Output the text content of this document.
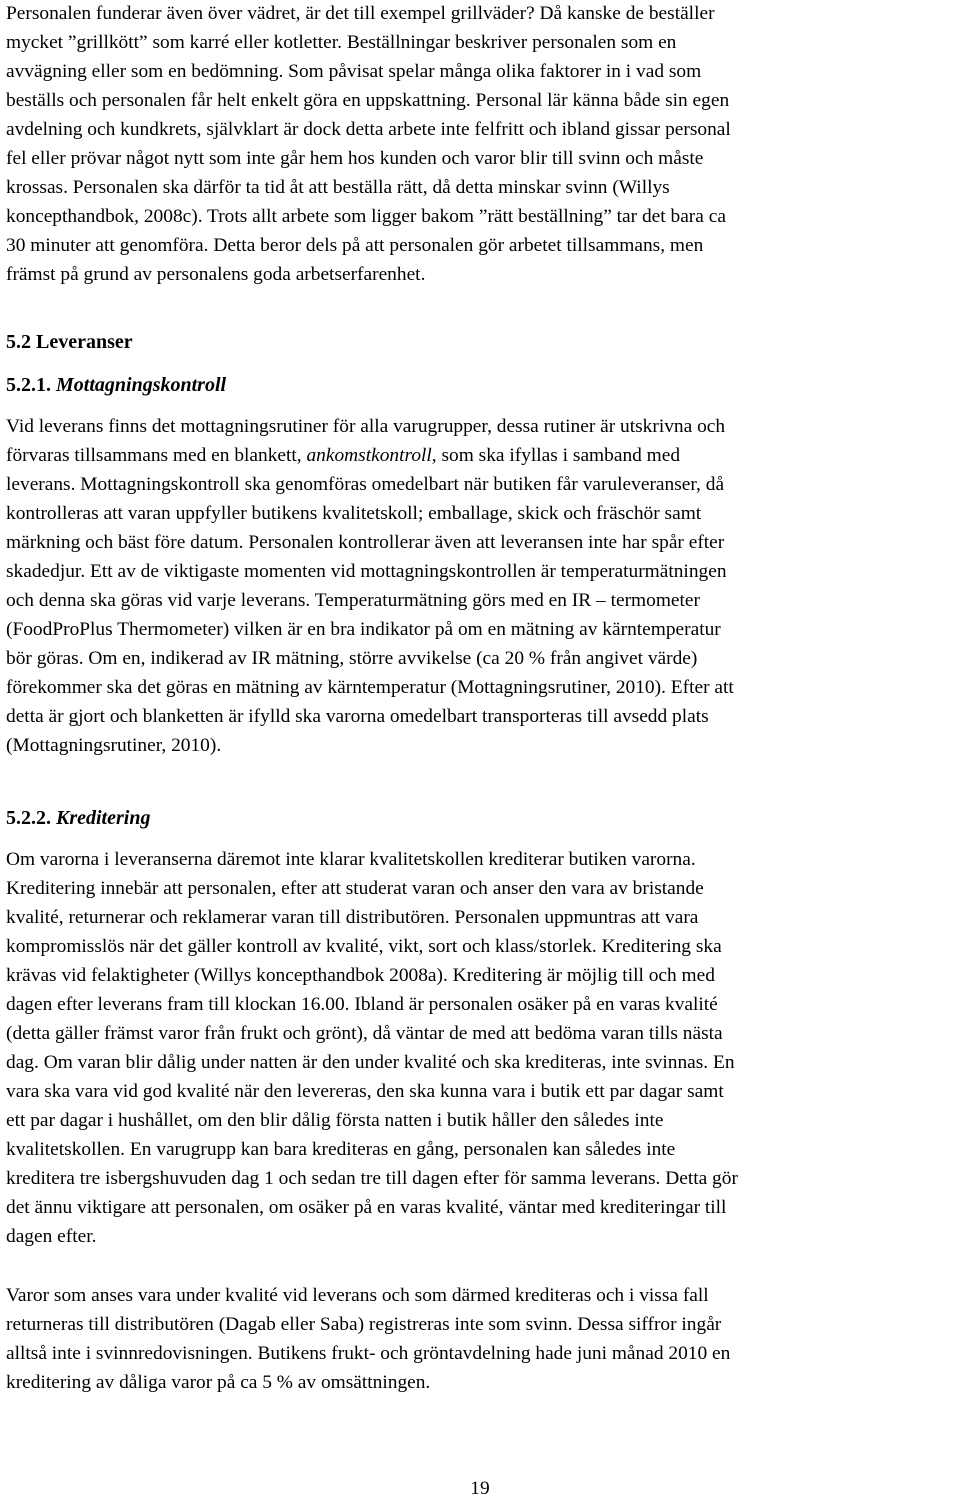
Personalen funderar även över vädret, är det till exempel grillväder? Då kanske de beställer
mycket ”grillkött” som karré eller kotletter. Beställningar beskriver personalen som en
avvägning eller som en bedömning. Som påvisat spelar många olika faktorer in i vad som
beställs och personalen får helt enkelt göra en uppskattning. Personal lär känna både sin egen
avdelning och kundkrets, självklart är dock detta arbete inte felfritt och ibland gissar personal
fel eller prövar något nytt som inte går hem hos kunden och varor blir till svinn och måste
krossas. Personalen ska därför ta tid åt att beställa rätt, då detta minskar svinn (Willys
koncepthandbok, 2008c). Trots allt arbete som ligger bakom ”rätt beställning” tar det bara ca
30 minuter att genomföra. Detta beror dels på att personalen gör arbetet tillsammans, men
främst på grund av personalens goda arbetserfarenhet.

5.2 Leveranser
5.2.1. Mottagningskontroll

Vid leverans finns det mottagningsrutiner för alla varugrupper, dessa rutiner är utskrivna och
förvaras tillsammans med en blankett, ankomstkontroll, som ska ifyllas i samband med
leverans. Mottagningskontroll ska genomföras omedelbart när butiken får varuleveranser, då
kontrolleras att varan uppfyller butikens kvalitetskoll; emballage, skick och fräschör samt
märkning och bäst före datum. Personalen kontrollerar även att leveransen inte har spår efter
skadedjur. Ett av de viktigaste momenten vid mottagningskontrollen är temperaturmätningen
och denna ska göras vid varje leverans. Temperaturmätning görs med en IR – termometer
(FoodProPlus Thermometer) vilken är en bra indikator på om en mätning av kärntemperatur
bör göras. Om en, indikerad av IR mätning, större avvikelse (ca 20 % från angivet värde)
förekommer ska det göras en mätning av kärntemperatur (Mottagningsrutiner, 2010). Efter att
detta är gjort och blanketten är ifylld ska varorna omedelbart transporteras till avsedd plats
(Mottagningsrutiner, 2010).

5.2.2. Kreditering

Om varorna i leveranserna däremot inte klarar kvalitetskollen krediterar butiken varorna.
Kreditering innebär att personalen, efter att studerat varan och anser den vara av bristande
kvalité, returnerar och reklamerar varan till distributören. Personalen uppmuntras att vara
kompromisslös när det gäller kontroll av kvalité, vikt, sort och klass/storlek. Kreditering ska
krävas vid felaktigheter (Willys koncepthandbok 2008a). Kreditering är möjlig till och med
dagen efter leverans fram till klockan 16.00. Ibland är personalen osäker på en varas kvalité
(detta gäller främst varor från frukt och grönt), då väntar de med att bedöma varan tills nästa
dag. Om varan blir dålig under natten är den under kvalité och ska krediteras, inte svinnas. En
vara ska vara vid god kvalité när den levereras, den ska kunna vara i butik ett par dagar samt
ett par dagar i hushållet, om den blir dålig första natten i butik håller den således inte
kvalitetskollen. En varugrupp kan bara krediteras en gång, personalen kan således inte
kreditera tre isbergshuvuden dag 1 och sedan tre till dagen efter för samma leverans. Detta gör
det ännu viktigare att personalen, om osäker på en varas kvalité, väntar med krediteringar till
dagen efter.

Varor som anses vara under kvalité vid leverans och som därmed krediteras och i vissa fall
returneras till distributören (Dagab eller Saba) registreras inte som svinn. Dessa siffror ingår
alltså inte i svinnredovisningen. Butikens frukt- och gröntavdelning hade juni månad 2010 en
kreditering av dåliga varor på ca 5 % av omsättningen.

19
